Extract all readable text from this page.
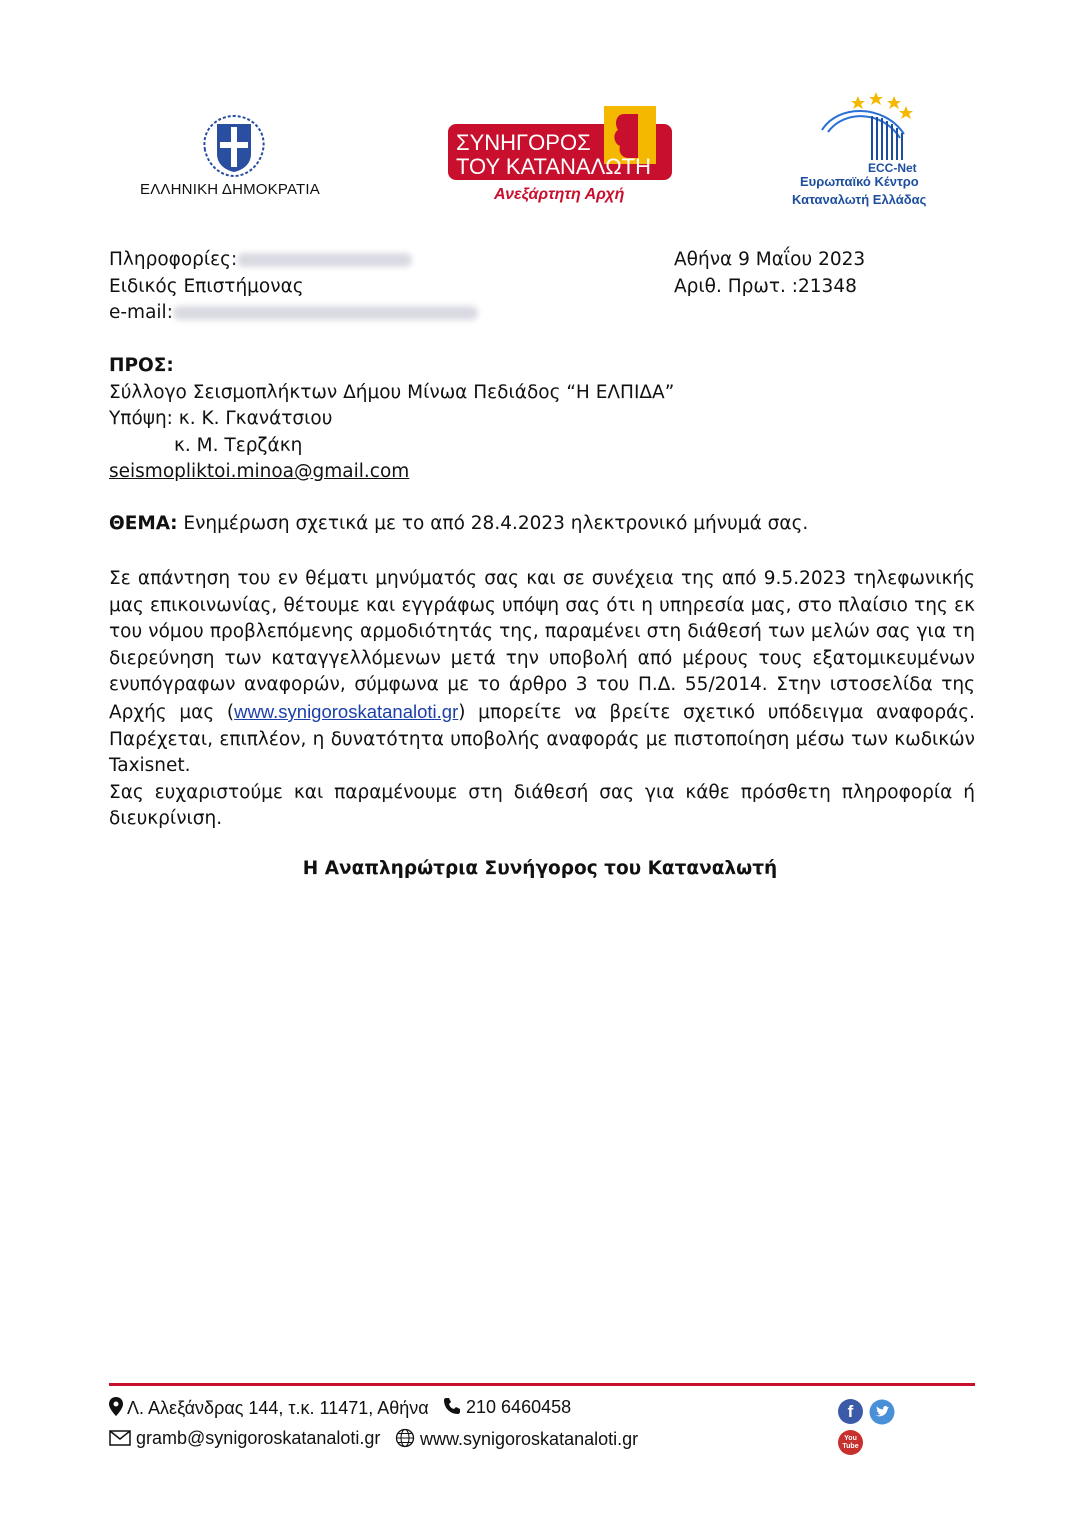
ΕΛΛΗΝΙΚΗ ΔΗΜΟΚΡΑΤΙΑ
ΣΥΝΗΓΟΡΟΣ
ΤΟΥ ΚΑΤΑΝΑΛΩΤΗ
Ανεξάρτητη Αρχή
ECC-Net
Ευρωπαϊκό Κέντρο
Καταναλωτή Ελλάδας
Πληροφορίες:
Ειδικός Επιστήμονας
e-mail:
Αθήνα 9 Μαΐου 2023
Αριθ. Πρωτ. :21348
ΠΡΟΣ:
Σύλλογο Σεισμοπλήκτων Δήμου Μίνωα Πεδιάδος “Η ΕΛΠΙΔΑ”
Υπόψη: κ. Κ. Γκανάτσιου
κ. Μ. Τερζάκη
seismopliktoi.minoa@gmail.com
ΘΕΜΑ: Ενημέρωση σχετικά με το από 28.4.2023 ηλεκτρονικό μήνυμά σας.

Σε απάντηση του εν θέματι μηνύματός σας και σε συνέχεια της από 9.5.2023 τηλεφωνικής μας επικοινωνίας, θέτουμε και εγγράφως υπόψη σας ότι η υπηρεσία μας, στο πλαίσιο της εκ του νόμου προβλεπόμενης αρμοδιότητάς της, παραμένει στη διάθεσή των μελών σας για τη διερεύνηση των καταγγελλόμενων μετά την υποβολή από μέρους τους εξατομικευμένων ενυπόγραφων αναφορών, σύμφωνα με το άρθρο 3 του Π.Δ. 55/2014. Στην ιστοσελίδα της Αρχής μας (www.synigoroskatanaloti.gr) μπορείτε να βρείτε σχετικό υπόδειγμα αναφοράς. Παρέχεται, επιπλέον, η δυνατότητα υποβολής αναφοράς με πιστοποίηση μέσω των κωδικών Taxisnet.

Σας ευχαριστούμε και παραμένουμε στη διάθεσή σας για κάθε πρόσθετη πληροφορία ή διευκρίνιση.

Η Αναπληρώτρια Συνήγορος του Καταναλωτή
Λ. Αλεξάνδρας 144, τ.κ. 11471, Αθήνα	210 6460458
gramb@synigoroskatanaloti.gr	www.synigoroskatanaloti.gr
f
You Tube
